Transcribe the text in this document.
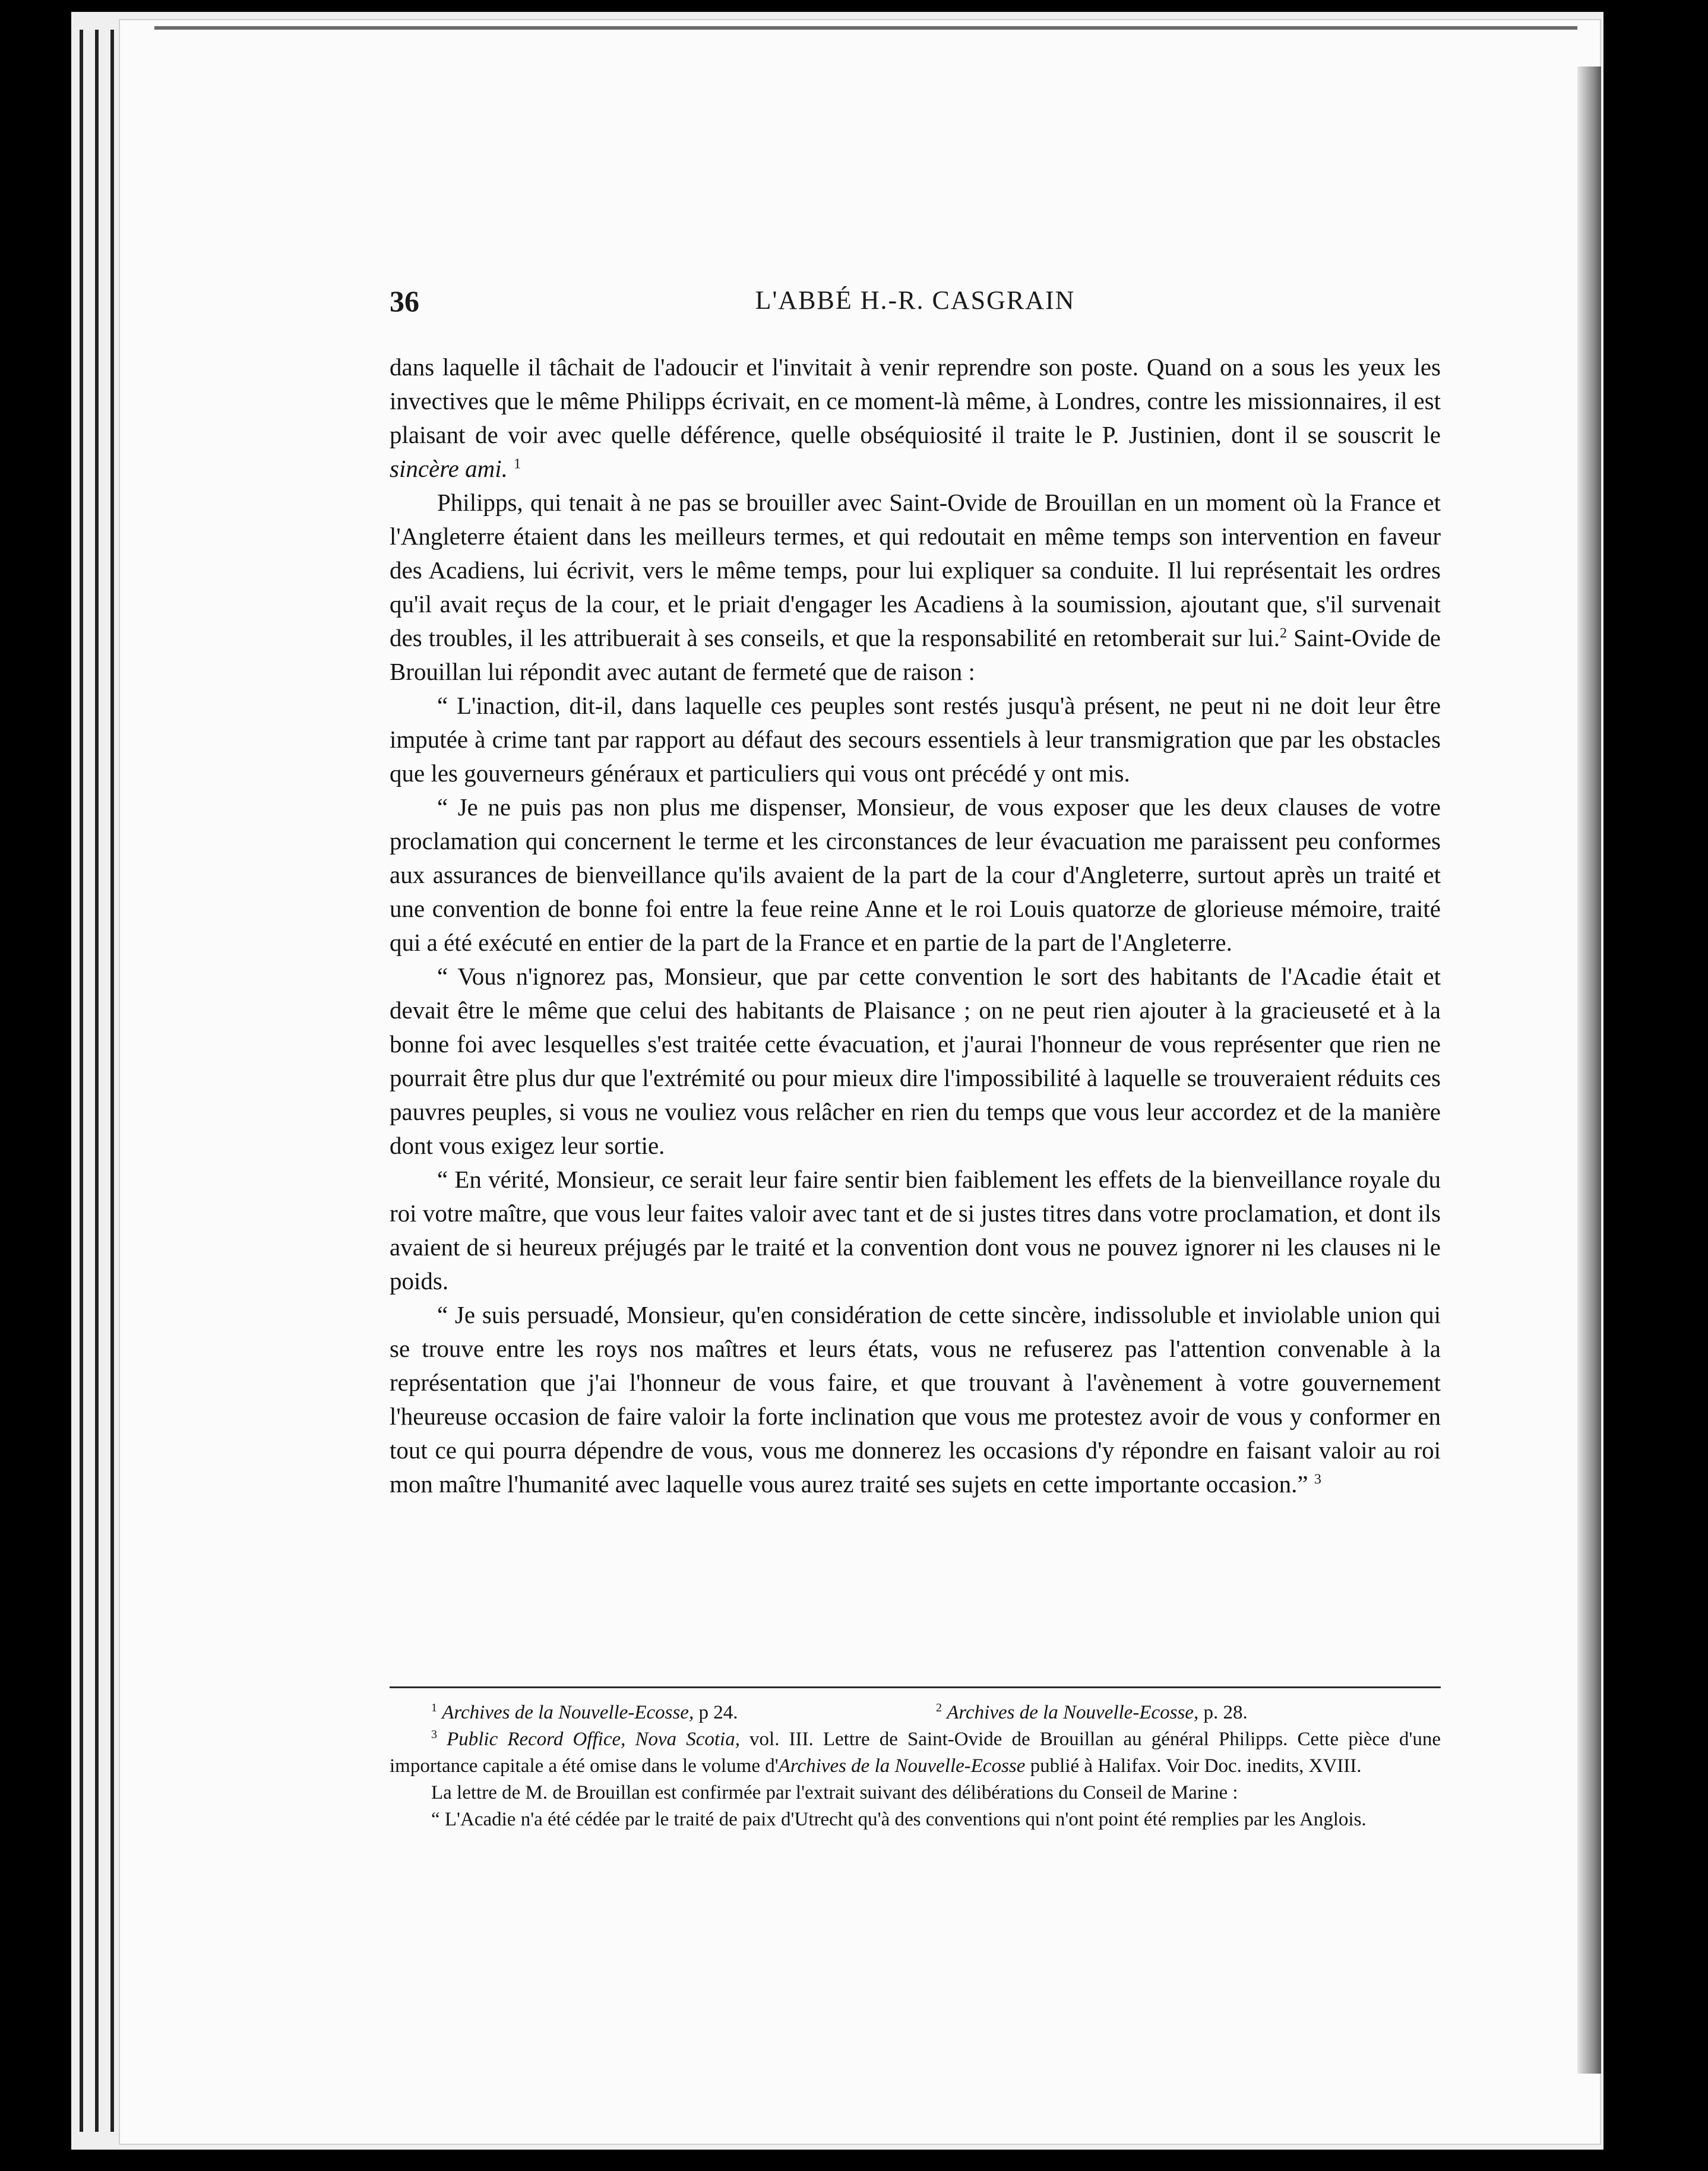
36	L'ABBÉ H.-R. CASGRAIN

dans laquelle il tâchait de l'adoucir et l'invitait à venir reprendre son poste. Quand on a sous les yeux les invectives que le même Philipps écrivait, en ce moment-là même, à Londres, contre les missionnaires, il est plaisant de voir avec quelle déférence, quelle obséquiosité il traite le P. Justinien, dont il se souscrit le sincère ami. $^1$

Philipps, qui tenait à ne pas se brouiller avec Saint-Ovide de Brouillan en un moment où la France et l'Angleterre étaient dans les meilleurs termes, et qui redoutait en même temps son intervention en faveur des Acadiens, lui écrivit, vers le même temps, pour lui expliquer sa conduite. Il lui représentait les ordres qu'il avait reçus de la cour, et le priait d'engager les Acadiens à la soumission, ajoutant que, s'il survenait des troubles, il les attribuerait à ses conseils, et que la responsabilité en retomberait sur lui.$^2$ Saint-Ovide de Brouillan lui répondit avec autant de fermeté que de raison :

“ L'inaction, dit-il, dans laquelle ces peuples sont restés jusqu'à présent, ne peut ni ne doit leur être imputée à crime tant par rapport au défaut des secours essentiels à leur transmigration que par les obstacles que les gouverneurs généraux et particuliers qui vous ont précédé y ont mis.

“ Je ne puis pas non plus me dispenser, Monsieur, de vous exposer que les deux clauses de votre proclamation qui concernent le terme et les circonstances de leur évacuation me paraissent peu conformes aux assurances de bienveillance qu'ils avaient de la part de la cour d'Angleterre, surtout après un traité et une convention de bonne foi entre la feue reine Anne et le roi Louis quatorze de glorieuse mémoire, traité qui a été exécuté en entier de la part de la France et en partie de la part de l'Angleterre.

“ Vous n'ignorez pas, Monsieur, que par cette convention le sort des habitants de l'Acadie était et devait être le même que celui des habitants de Plaisance ; on ne peut rien ajouter à la gracieuseté et à la bonne foi avec lesquelles s'est traitée cette évacuation, et j'aurai l'honneur de vous représenter que rien ne pourrait être plus dur que l'extrémité ou pour mieux dire l'impossibilité à laquelle se trouveraient réduits ces pauvres peuples, si vous ne vouliez vous relâcher en rien du temps que vous leur accordez et de la manière dont vous exigez leur sortie.

“ En vérité, Monsieur, ce serait leur faire sentir bien faiblement les effets de la bienveillance royale du roi votre maître, que vous leur faites valoir avec tant et de si justes titres dans votre proclamation, et dont ils avaient de si heureux préjugés par le traité et la convention dont vous ne pouvez ignorer ni les clauses ni le poids.

“ Je suis persuadé, Monsieur, qu'en considération de cette sincère, indissoluble et inviolable union qui se trouve entre les roys nos maîtres et leurs états, vous ne refuserez pas l'attention convenable à la représentation que j'ai l'honneur de vous faire, et que trouvant à l'avènement à votre gouvernement l'heureuse occasion de faire valoir la forte inclination que vous me protestez avoir de vous y conformer en tout ce qui pourra dépendre de vous, vous me donnerez les occasions d'y répondre en faisant valoir au roi mon maître l'humanité avec laquelle vous aurez traité ses sujets en cette importante occasion.” $^3$

$^1$ Archives de la Nouvelle-Ecosse, p 24.	$^2$ Archives de la Nouvelle-Ecosse, p. 28.

$^3$ Public Record Office, Nova Scotia, vol. III. Lettre de Saint-Ovide de Brouillan au général Philipps. Cette pièce d'une importance capitale a été omise dans le volume d'Archives de la Nouvelle-Ecosse publié à Halifax. Voir Doc. inedits, XVIII.

La lettre de M. de Brouillan est confirmée par l'extrait suivant des délibérations du Conseil de Marine :

“ L'Acadie n'a été cédée par le traité de paix d'Utrecht qu'à des conventions qui n'ont point été remplies par les Anglois.
